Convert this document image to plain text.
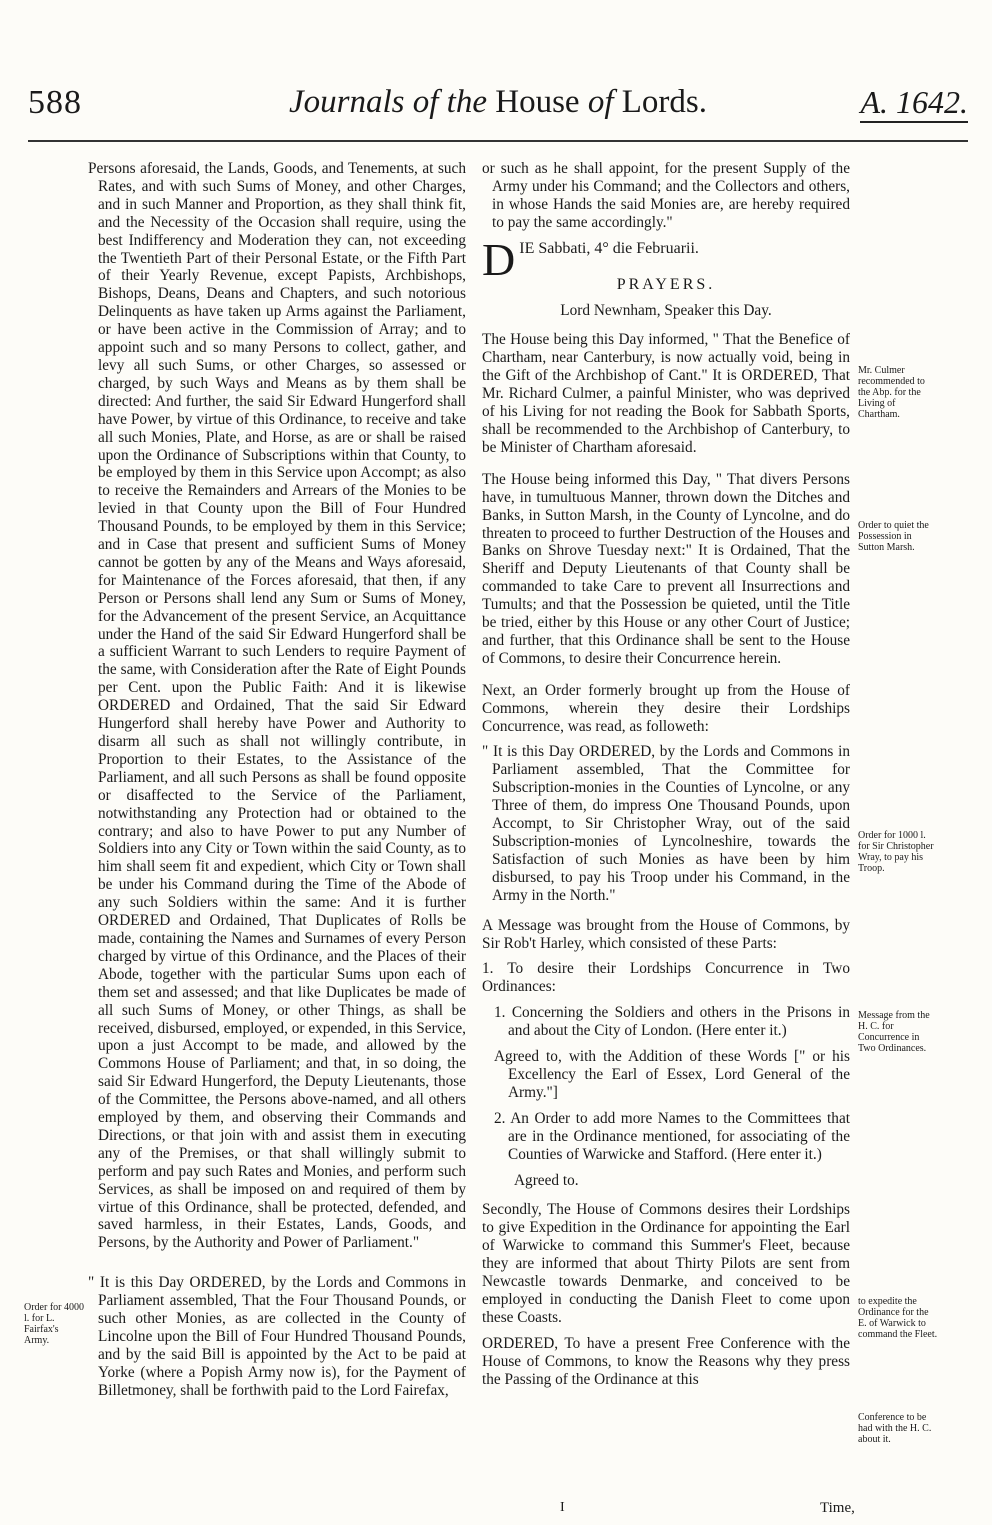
588	Journals of the House of Lords.	A. 1642.

Persons aforesaid, the Lands, Goods, and Tenements, at such Rates, and with such Sums of Money, and other Charges, and in such Manner and Proportion, as they shall think fit, and the Necessity of the Occasion shall require, using the best Indifferency and Moderation they can, not exceeding the Twentieth Part of their Personal Estate, or the Fifth Part of their Yearly Revenue, except Papists, Archbishops, Bishops, Deans, Deans and Chapters, and such notorious Delinquents as have taken up Arms against the Parliament, or have been active in the Commission of Array; and to appoint such and so many Persons to collect, gather, and levy all such Sums, or other Charges, so assessed or charged, by such Ways and Means as by them shall be directed: And further, the said Sir Edward Hungerford shall have Power, by virtue of this Ordinance, to receive and take all such Monies, Plate, and Horse, as are or shall be raised upon the Ordinance of Subscriptions within that County, to be employed by them in this Service upon Accompt; as also to receive the Remainders and Arrears of the Monies to be levied in that County upon the Bill of Four Hundred Thousand Pounds, to be employed by them in this Service; and in Case that present and sufficient Sums of Money cannot be gotten by any of the Means and Ways aforesaid, for Maintenance of the Forces aforesaid, that then, if any Person or Persons shall lend any Sum or Sums of Money, for the Advancement of the present Service, an Acquittance under the Hand of the said Sir Edward Hungerford shall be a sufficient Warrant to such Lenders to require Payment of the same, with Consideration after the Rate of Eight Pounds per Cent. upon the Public Faith: And it is likewise ORDERED and Ordained, That the said Sir Edward Hungerford shall hereby have Power and Authority to disarm all such as shall not willingly contribute, in Proportion to their Estates, to the Assistance of the Parliament, and all such Persons as shall be found opposite or disaffected to the Service of the Parliament, notwithstanding any Protection had or obtained to the contrary; and also to have Power to put any Number of Soldiers into any City or Town within the said County, as to him shall seem fit and expedient, which City or Town shall be under his Command during the Time of the Abode of any such Soldiers within the same: And it is further ORDERED and Ordained, That Duplicates of Rolls be made, containing the Names and Surnames of every Person charged by virtue of this Ordinance, and the Places of their Abode, together with the particular Sums upon each of them set and assessed; and that like Duplicates be made of all such Sums of Money, or other Things, as shall be received, disbursed, employed, or expended, in this Service, upon a just Accompt to be made, and allowed by the Commons House of Parliament; and that, in so doing, the said Sir Edward Hungerford, the Deputy Lieutenants, those of the Committee, the Persons above-named, and all others employed by them, and observing their Commands and Directions, or that join with and assist them in executing any of the Premises, or that shall willingly submit to perform and pay such Rates and Monies, and perform such Services, as shall be imposed on and required of them by virtue of this Ordinance, shall be protected, defended, and saved harmless, in their Estates, Lands, Goods, and Persons, by the Authority and Power of Parliament."

" It is this Day ORDERED, by the Lords and Commons in Parliament assembled, That the Four Thousand Pounds, or such other Monies, as are collected in the County of Lincolne upon the Bill of Four Hundred Thousand Pounds, and by the said Bill is appointed by the Act to be paid at Yorke (where a Popish Army now is), for the Payment of Billetmoney, shall be forthwith paid to the Lord Fairefax,

Order for 4000 l. for L. Fairfax's Army.

or such as he shall appoint, for the present Supply of the Army under his Command; and the Collectors and others, in whose Hands the said Monies are, are hereby required to pay the same accordingly."

D IE Sabbati, 4° die Februarii.
PRAYERS.
Lord Newnham, Speaker this Day.

The House being this Day informed, " That the Benefice of Chartham, near Canterbury, is now actually void, being in the Gift of the Archbishop of Cant." It is ORDERED, That Mr. Richard Culmer, a painful Minister, who was deprived of his Living for not reading the Book for Sabbath Sports, shall be recommended to the Archbishop of Canterbury, to be Minister of Chartham aforesaid.

The House being informed this Day, " That divers Persons have, in tumultuous Manner, thrown down the Ditches and Banks, in Sutton Marsh, in the County of Lyncolne, and do threaten to proceed to further Destruction of the Houses and Banks on Shrove Tuesday next:" It is Ordained, That the Sheriff and Deputy Lieutenants of that County shall be commanded to take Care to prevent all Insurrections and Tumults; and that the Possession be quieted, until the Title be tried, either by this House or any other Court of Justice; and further, that this Ordinance shall be sent to the House of Commons, to desire their Concurrence herein.

Next, an Order formerly brought up from the House of Commons, wherein they desire their Lordships Concurrence, was read, as followeth:

" It is this Day ORDERED, by the Lords and Commons in Parliament assembled, That the Committee for Subscription-monies in the Counties of Lyncolne, or any Three of them, do impress One Thousand Pounds, upon Accompt, to Sir Christopher Wray, out of the said Subscription-monies of Lyncolneshire, towards the Satisfaction of such Monies as have been by him disbursed, to pay his Troop under his Command, in the Army in the North."

A Message was brought from the House of Commons, by Sir Rob't Harley, which consisted of these Parts:

1. To desire their Lordships Concurrence in Two Ordinances:

1. Concerning the Soldiers and others in the Prisons in and about the City of London. (Here enter it.)

Agreed to, with the Addition of these Words [" or his Excellency the Earl of Essex, Lord General of the Army."]

2. An Order to add more Names to the Committees that are in the Ordinance mentioned, for associating of the Counties of Warwicke and Stafford. (Here enter it.)

Agreed to.

Secondly, The House of Commons desires their Lordships to give Expedition in the Ordinance for appointing the Earl of Warwicke to command this Summer's Fleet, because they are informed that about Thirty Pilots are sent from Newcastle towards Denmarke, and conceived to be employed in conducting the Danish Fleet to come upon these Coasts.

ORDERED, To have a present Free Conference with the House of Commons, to know the Reasons why they press the Passing of the Ordinance at this

Mr. Culmer recommended to the Abp. for the Living of Chartham.
Order to quiet the Possession in Sutton Marsh.
Order for 1000 l. for Sir Christopher Wray, to pay his Troop.
Message from the H. C. for Concurrence in Two Ordinances.
to expedite the Ordinance for the E. of Warwick to command the Fleet.
Conference to be had with the H. C. about it.
I	Time,
